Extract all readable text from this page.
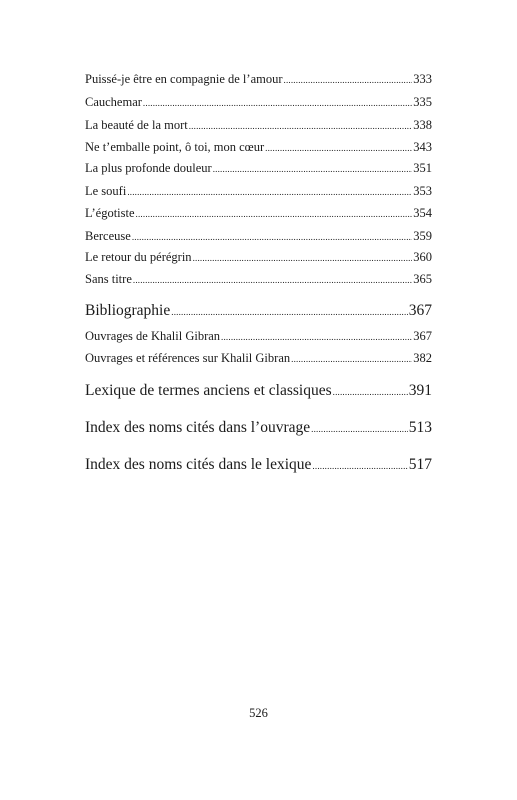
Puissé-je être en compagnie de l’amour .....	333
Cauchemar .....	335
La beauté de la mort .....	338
Ne t’emballe point, ô toi, mon cœur .....	343
La plus profonde douleur .....	351
Le soufi .....	353
L’égotiste .....	354
Berceuse .....	359
Le retour du pérégrin .....	360
Sans titre .....	365
Bibliographie .....	367
Ouvrages de Khalil Gibran .....	367
Ouvrages et références sur Khalil Gibran .....	382
Lexique de termes anciens et classiques .....	391
Index des noms cités dans l’ouvrage .....	513
Index des noms cités dans le lexique .....	517
526
